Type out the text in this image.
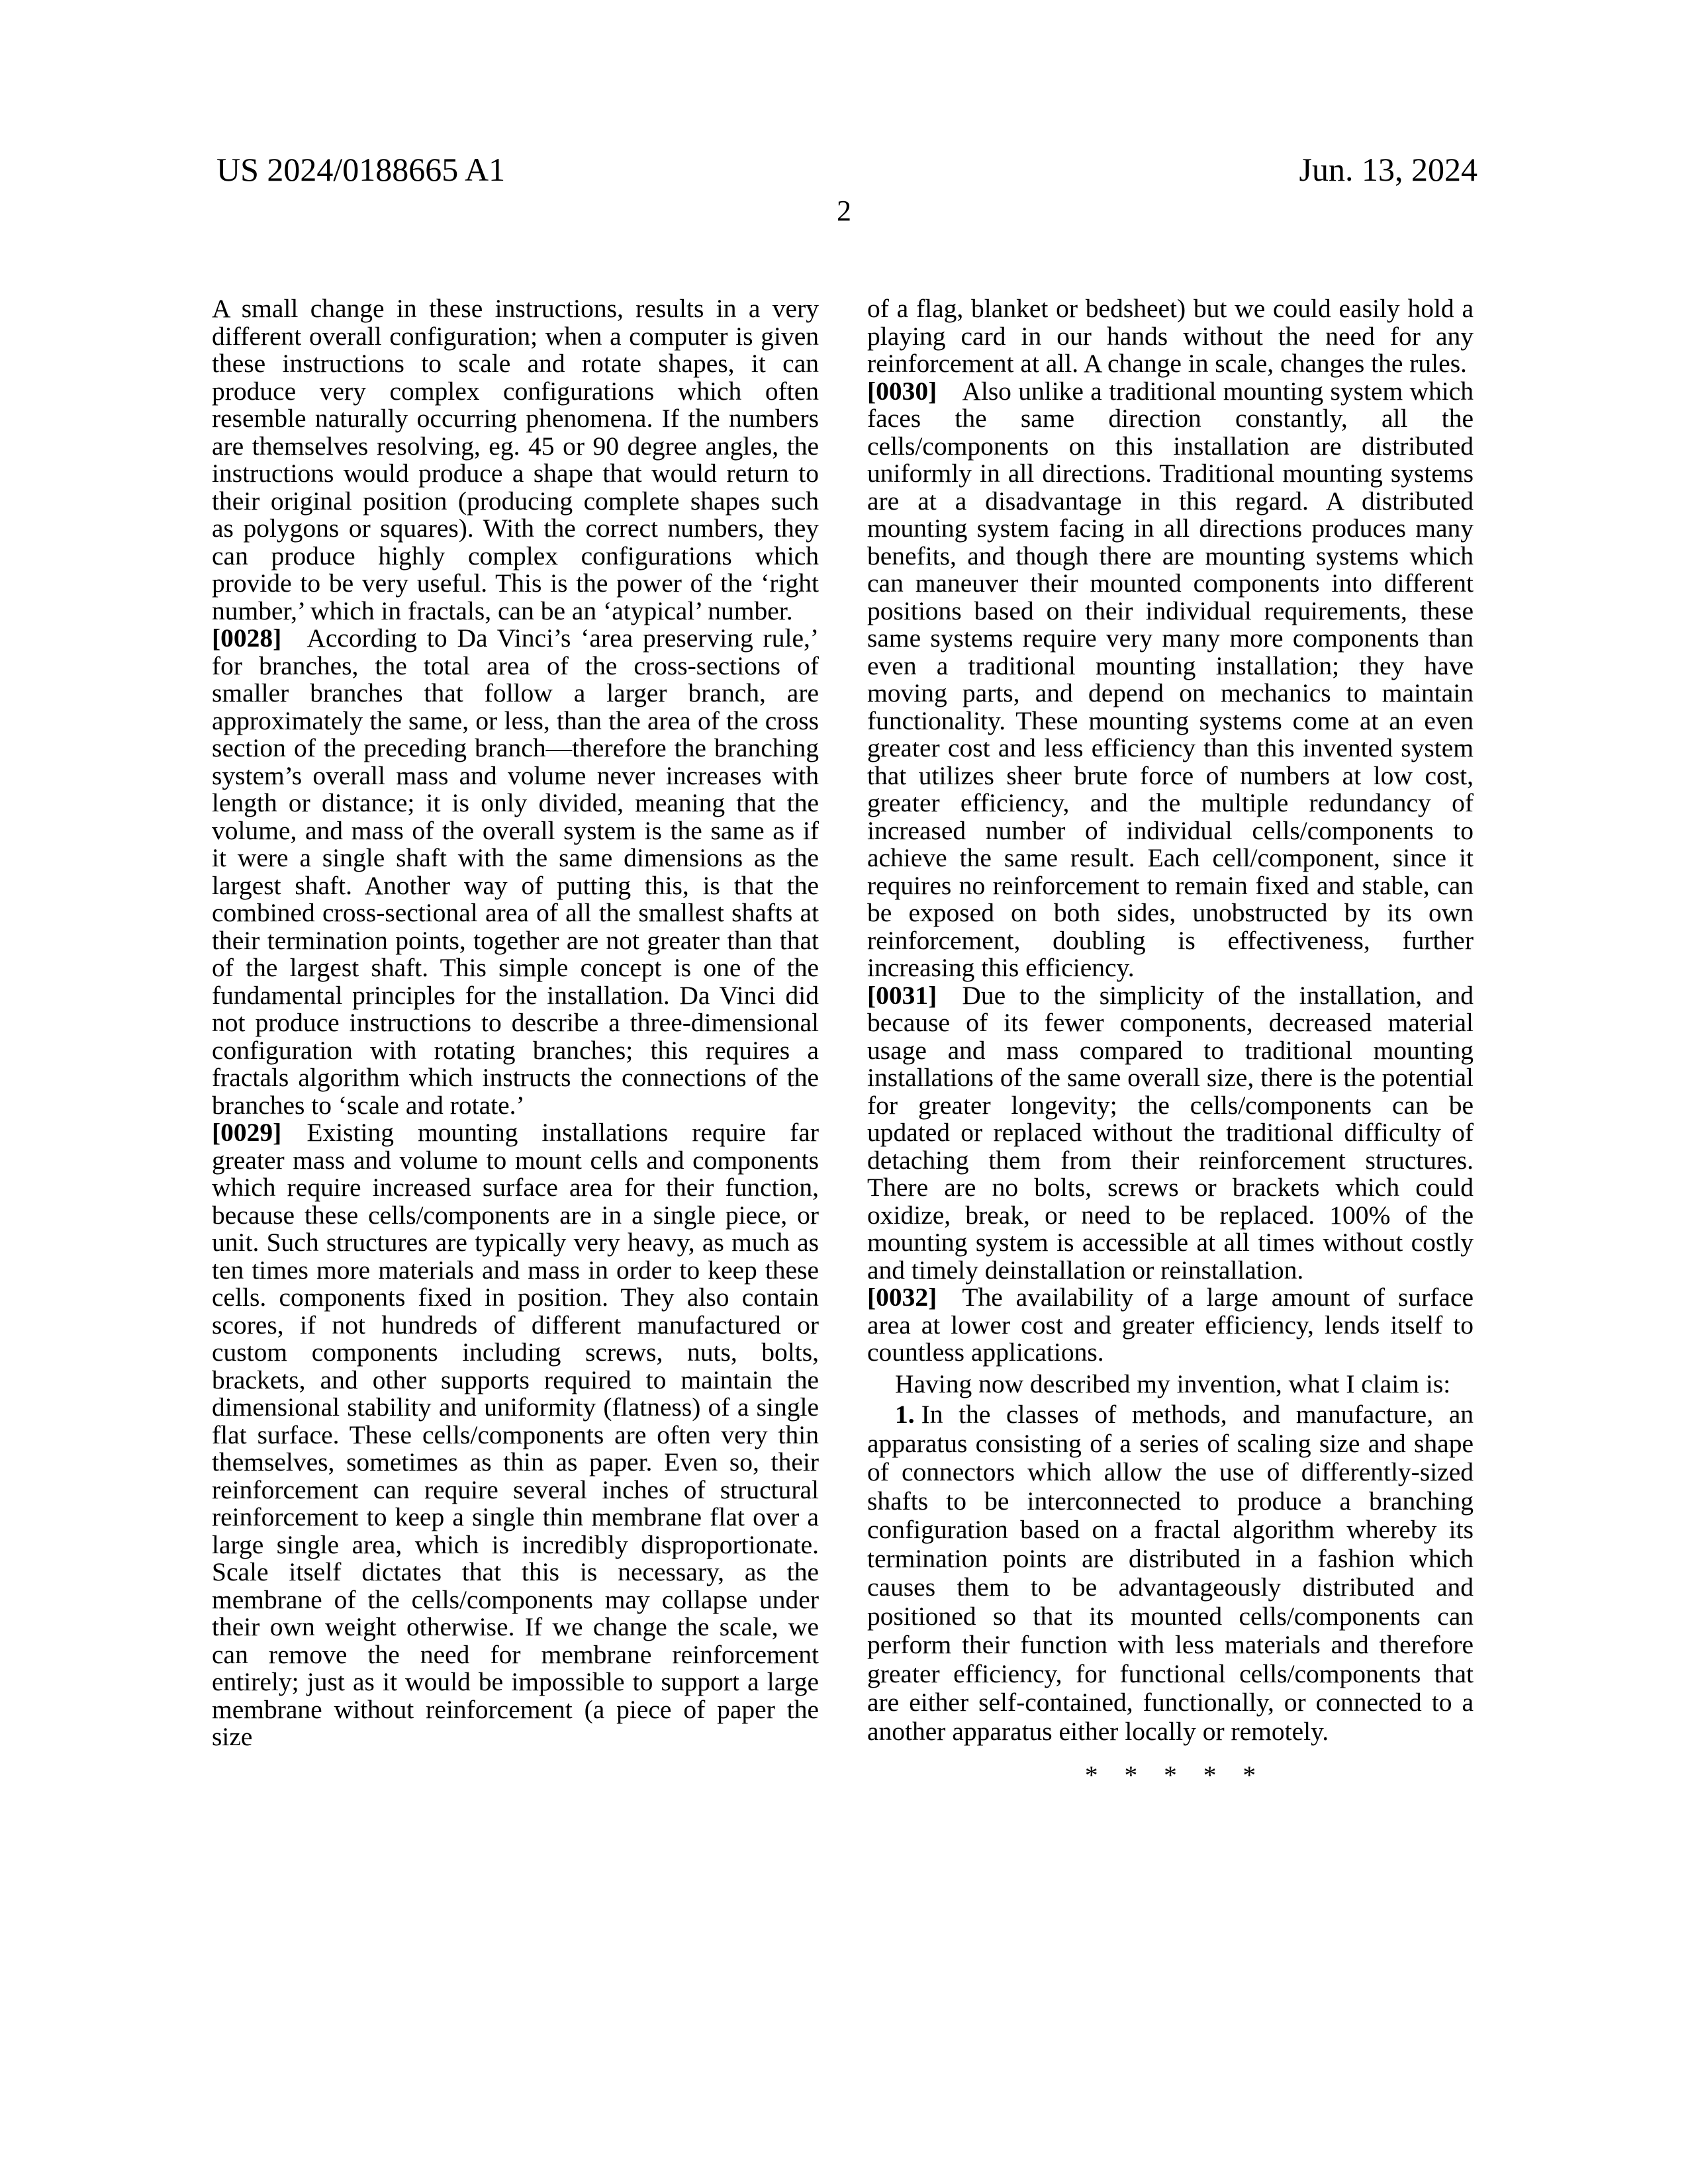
US 2024/0188665 A1	Jun. 13, 2024
2

A small change in these instructions, results in a very different overall configuration; when a computer is given these instructions to scale and rotate shapes, it can produce very complex configurations which often resemble naturally occurring phenomena. If the numbers are themselves resolving, eg. 45 or 90 degree angles, the instructions would produce a shape that would return to their original position (producing complete shapes such as polygons or squares). With the correct numbers, they can produce highly complex configurations which provide to be very useful. This is the power of the ‘right number,’ which in fractals, can be an ‘atypical’ number.

[0028] According to Da Vinci’s ‘area preserving rule,’ for branches, the total area of the cross-sections of smaller branches that follow a larger branch, are approximately the same, or less, than the area of the cross section of the preceding branch—therefore the branching system’s overall mass and volume never increases with length or distance; it is only divided, meaning that the volume, and mass of the overall system is the same as if it were a single shaft with the same dimensions as the largest shaft. Another way of putting this, is that the combined cross-sectional area of all the smallest shafts at their termination points, together are not greater than that of the largest shaft. This simple concept is one of the fundamental principles for the installation. Da Vinci did not produce instructions to describe a three-dimensional configuration with rotating branches; this requires a fractals algorithm which instructs the connections of the branches to ‘scale and rotate.’

[0029] Existing mounting installations require far greater mass and volume to mount cells and components which require increased surface area for their function, because these cells/components are in a single piece, or unit. Such structures are typically very heavy, as much as ten times more materials and mass in order to keep these cells. components fixed in position. They also contain scores, if not hundreds of different manufactured or custom components including screws, nuts, bolts, brackets, and other supports required to maintain the dimensional stability and uniformity (flatness) of a single flat surface. These cells/components are often very thin themselves, sometimes as thin as paper. Even so, their reinforcement can require several inches of structural reinforcement to keep a single thin membrane flat over a large single area, which is incredibly disproportionate. Scale itself dictates that this is necessary, as the membrane of the cells/components may collapse under their own weight otherwise. If we change the scale, we can remove the need for membrane reinforcement entirely; just as it would be impossible to support a large membrane without reinforcement (a piece of paper the size

of a flag, blanket or bedsheet) but we could easily hold a playing card in our hands without the need for any reinforcement at all. A change in scale, changes the rules.

[0030] Also unlike a traditional mounting system which faces the same direction constantly, all the cells/components on this installation are distributed uniformly in all directions. Traditional mounting systems are at a disadvantage in this regard. A distributed mounting system facing in all directions produces many benefits, and though there are mounting systems which can maneuver their mounted components into different positions based on their individual requirements, these same systems require very many more components than even a traditional mounting installation; they have moving parts, and depend on mechanics to maintain functionality. These mounting systems come at an even greater cost and less efficiency than this invented system that utilizes sheer brute force of numbers at low cost, greater efficiency, and the multiple redundancy of increased number of individual cells/components to achieve the same result. Each cell/component, since it requires no reinforcement to remain fixed and stable, can be exposed on both sides, unobstructed by its own reinforcement, doubling is effectiveness, further increasing this efficiency.

[0031] Due to the simplicity of the installation, and because of its fewer components, decreased material usage and mass compared to traditional mounting installations of the same overall size, there is the potential for greater longevity; the cells/components can be updated or replaced without the traditional difficulty of detaching them from their reinforcement structures. There are no bolts, screws or brackets which could oxidize, break, or need to be replaced. 100% of the mounting system is accessible at all times without costly and timely deinstallation or reinstallation.

[0032] The availability of a large amount of surface area at lower cost and greater efficiency, lends itself to countless applications.

Having now described my invention, what I claim is:

1. In the classes of methods, and manufacture, an apparatus consisting of a series of scaling size and shape of connectors which allow the use of differently-sized shafts to be interconnected to produce a branching configuration based on a fractal algorithm whereby its termination points are distributed in a fashion which causes them to be advantageously distributed and positioned so that its mounted cells/components can perform their function with less materials and therefore greater efficiency, for functional cells/components that are either self-contained, functionally, or connected to a another apparatus either locally or remotely.

* * * * *
